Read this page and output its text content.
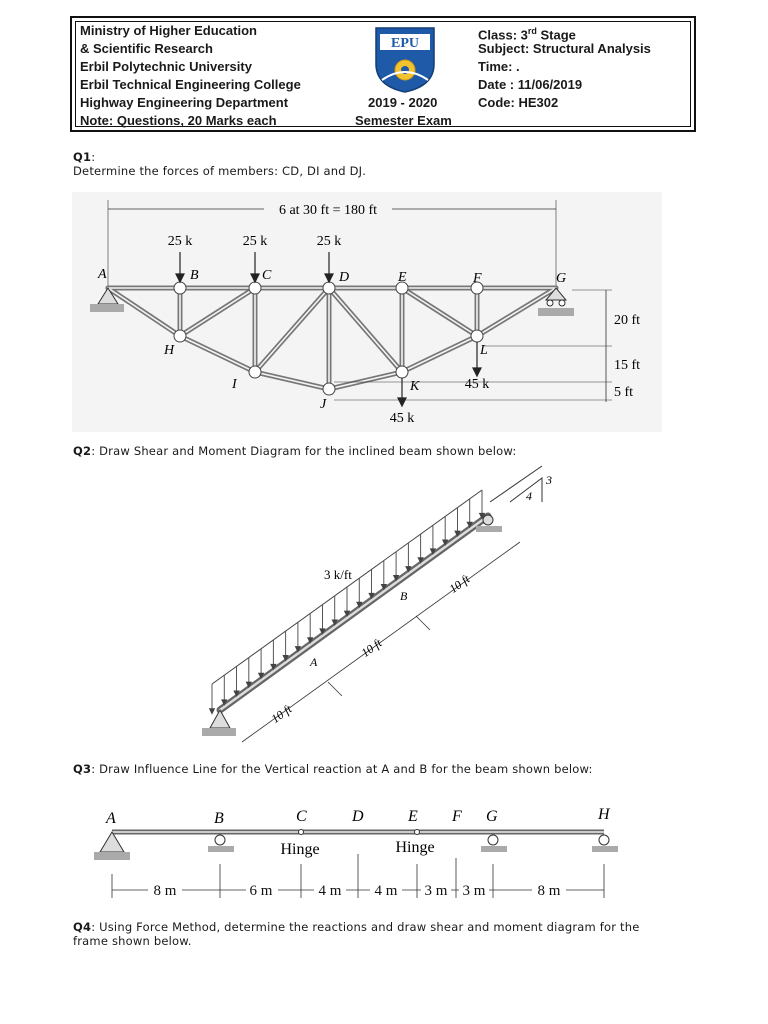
Ministry of Higher Education
& Scientific Research
Erbil Polytechnic University
Erbil Technical Engineering College
Highway Engineering Department
Note: Questions, 20 Marks each
EPU
2019 - 2020
Semester Exam
Class: 3rd Stage
Subject: Structural Analysis
Time: .
Date : 11/06/2019
Code: HE302
Q1:
Determine the forces of members: CD, DI and DJ.
6 at 30 ft = 180 ft
25 k	25 k	25 k
45 k
45 k
A	B	C	D	E	F	G
H
I
J
K
L
20 ft
15 ft
5 ft
Q2: Draw Shear and Moment Diagram for the inclined beam shown below:
3
4
3 k/ft
10 ft
10 ft
10 ft
A
B
Q3: Draw Influence Line for the Vertical reaction at A and B for the beam shown below:
A	B	C	D	E F G	H
Hinge	Hinge
8 m	6 m	4 m 4 m 3 m 3 m	8 m
Q4: Using Force Method, determine the reactions and draw shear and moment diagram for the
frame shown below.
